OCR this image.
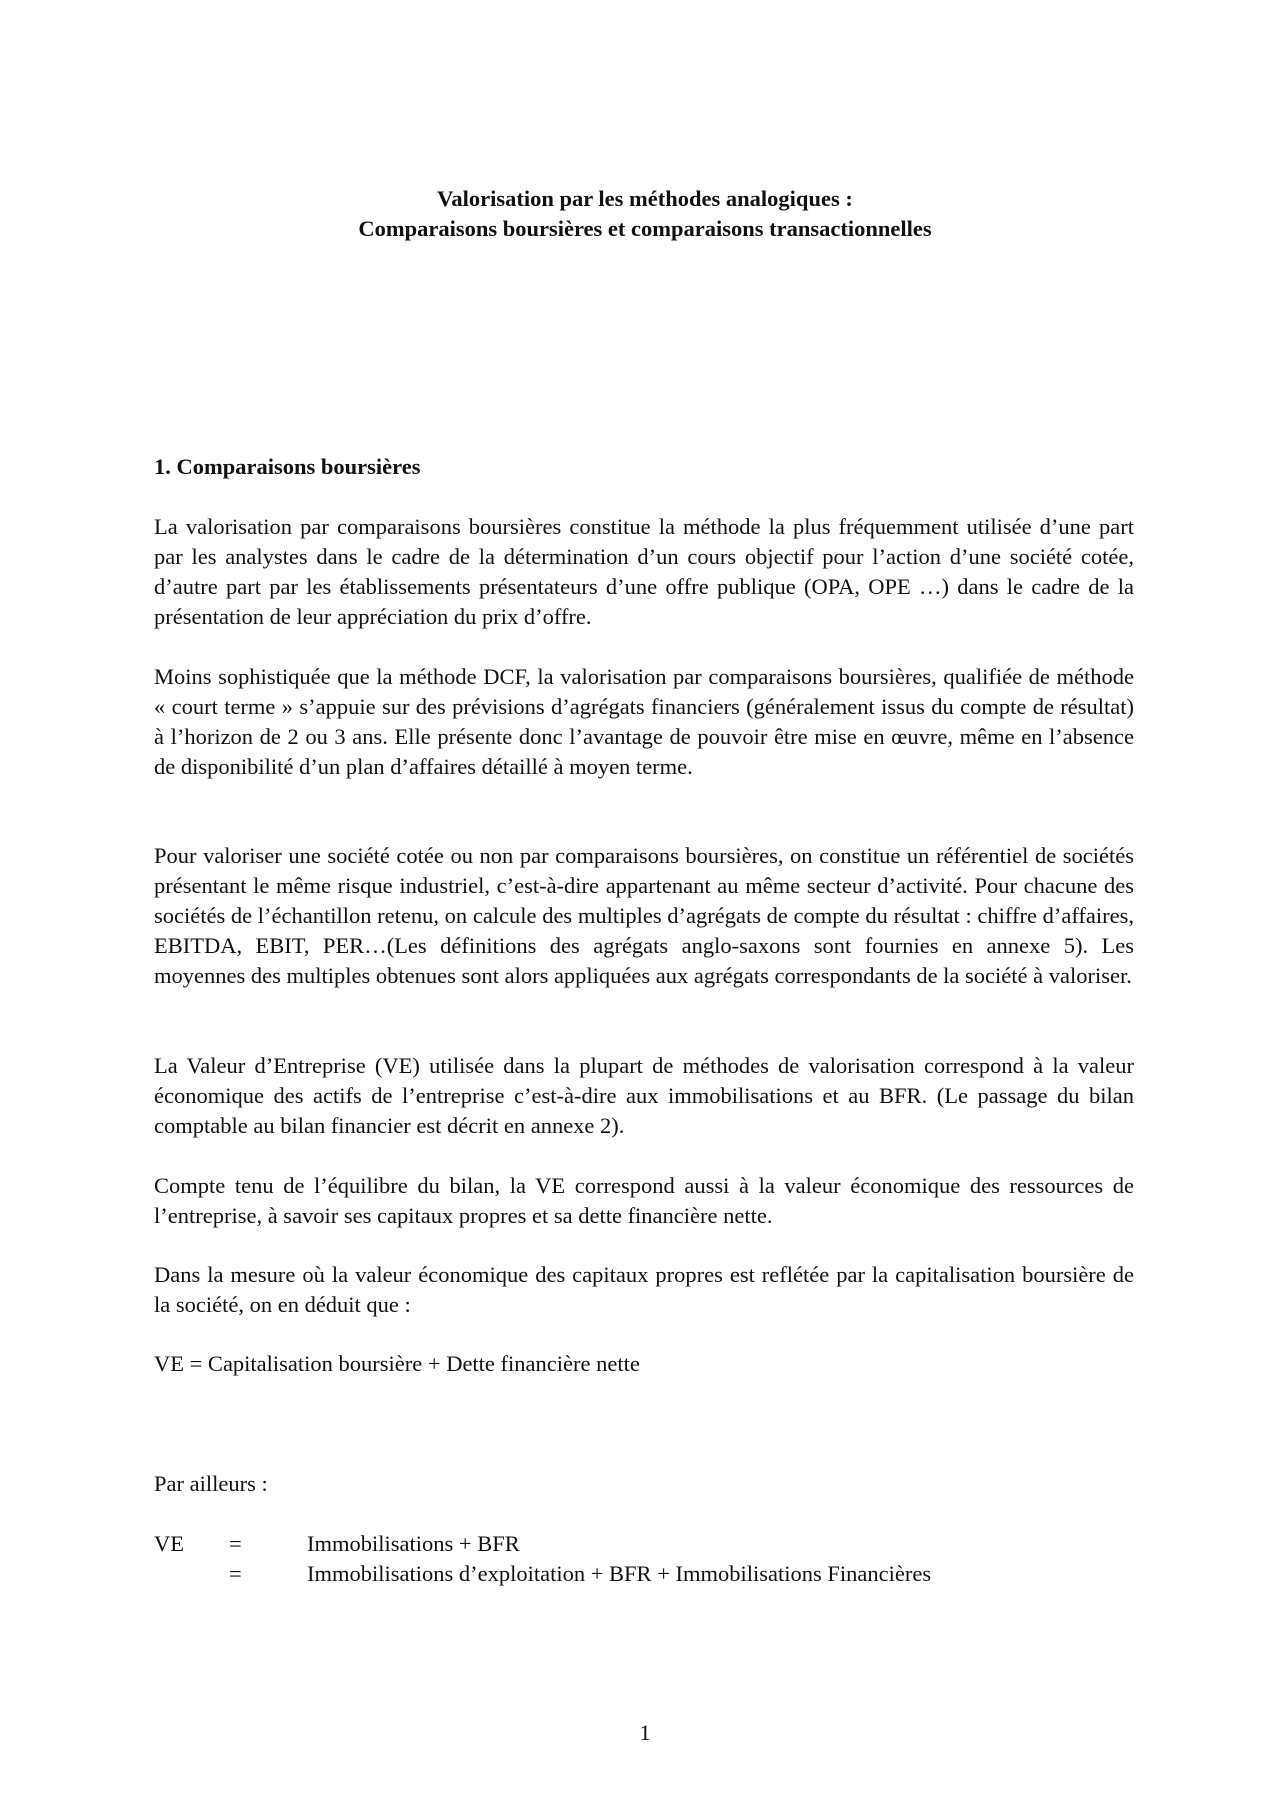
Valorisation par les méthodes analogiques :
Comparaisons boursières et comparaisons transactionnelles
1. Comparaisons boursières
La valorisation par comparaisons boursières constitue la méthode la plus fréquemment utilisée d’une part par les analystes dans le cadre de la détermination d’un cours objectif pour l’action d’une société cotée, d’autre part par les établissements présentateurs d’une offre publique (OPA, OPE …) dans le cadre de la présentation de leur appréciation du prix d’offre.
Moins sophistiquée que la méthode DCF, la valorisation par comparaisons boursières, qualifiée de méthode « court terme » s’appuie sur des prévisions d’agrégats financiers (généralement issus du compte de résultat) à l’horizon de 2 ou 3 ans. Elle présente donc l’avantage de pouvoir être mise en œuvre, même en l’absence de disponibilité d’un plan d’affaires détaillé à moyen terme.
Pour valoriser une société cotée ou non par comparaisons boursières, on constitue un référentiel de sociétés présentant le même risque industriel, c’est-à-dire appartenant au même secteur d’activité. Pour chacune des sociétés de l’échantillon retenu, on calcule des multiples d’agrégats de compte du résultat : chiffre d’affaires, EBITDA, EBIT, PER…(Les définitions des agrégats anglo-saxons sont fournies en annexe 5). Les moyennes des multiples obtenues sont alors appliquées aux agrégats correspondants de la société à valoriser.
La Valeur d’Entreprise (VE) utilisée dans la plupart de méthodes de valorisation correspond à la valeur économique des actifs de l’entreprise c’est-à-dire aux immobilisations et au BFR. (Le passage du bilan comptable au bilan financier est décrit en annexe 2).
Compte tenu de l’équilibre du bilan, la VE correspond aussi à la valeur économique des ressources de l’entreprise, à savoir ses capitaux propres et sa dette financière nette.
Dans la mesure où la valeur économique des capitaux propres est reflétée par la capitalisation boursière de la société, on en déduit que :
VE = Capitalisation boursière + Dette financière nette
Par ailleurs :
VE =	Immobilisations + BFR
=	Immobilisations d’exploitation + BFR + Immobilisations Financières
1
